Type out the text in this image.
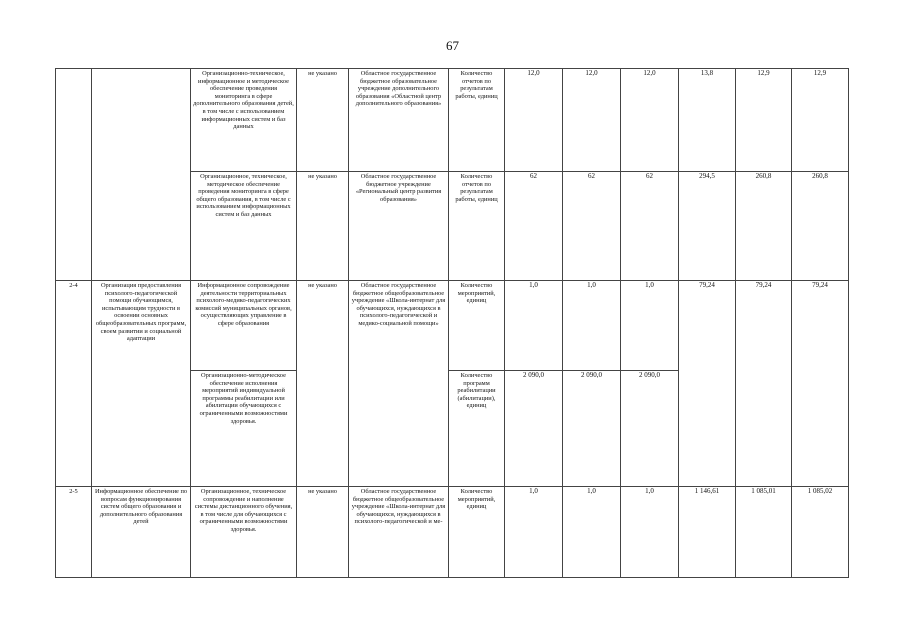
67
		Организационно-техническое, информационное и методическое обеспечение проведения мониторинга в сфере дополнительного образования детей, в том числе с использованием информационных систем и баз данных	не указано	Областное государственное бюджетное образовательное учреждение дополнительного образования «Областной центр дополнительного образования»	Количество отчетов по результатам работы, единиц	12,0	12,0	12,0	13,8	12,9	12,9
		Организационное, техническое, методическое обеспечение проведения мониторинга в сфере общего образования, в том числе с использованием информационных систем и баз данных	не указано	Областное государственное бюджетное учреждение «Региональный центр развития образования»	Количество отчетов по результатам работы, единиц	62	62	62	294,5	260,8	260,8
2-4	Организация предоставления психолого-педагогической помощи обучающимся, испытывающим трудности в освоении основных общеобразовательных программ, своем развитии и социальной адаптации	Информационное сопровождение деятельности территориальных психолого-медико-педагогических комиссий муниципальных органов, осуществляющих управление в сфере образования	не указано	Областное государственное бюджетное общеобразовательное учреждение «Школа-интернат для обучающихся, нуждающихся в психолого-педагогической и медико-социальной помощи»	Количество мероприятий, единиц	1,0	1,0	1,0	79,24	79,24	79,24
		Организационно-методическое обеспечение исполнения мероприятий индивидуальной программы реабилитации или абилитации обучающихся с ограниченными возможностями здоровья.			Количество программ реабилитации (абилитации), единиц	2 090,0	2 090,0	2 090,0			
2-5	Информационное обеспечение по вопросам функционирования систем общего образования и дополнительного образования детей	Организационное, техническое сопровождение и наполнение системы дистанционного обучения, в том числе для обучающихся с ограниченными возможностями здоровья.	не указано	Областное государственное бюджетное общеобразовательное учреждение «Школа-интернат для обучающихся, нуждающихся в психолого-педагогической и ме-	Количество мероприятий, единиц	1,0	1,0	1,0	1 146,61	1 085,01	1 085,02
